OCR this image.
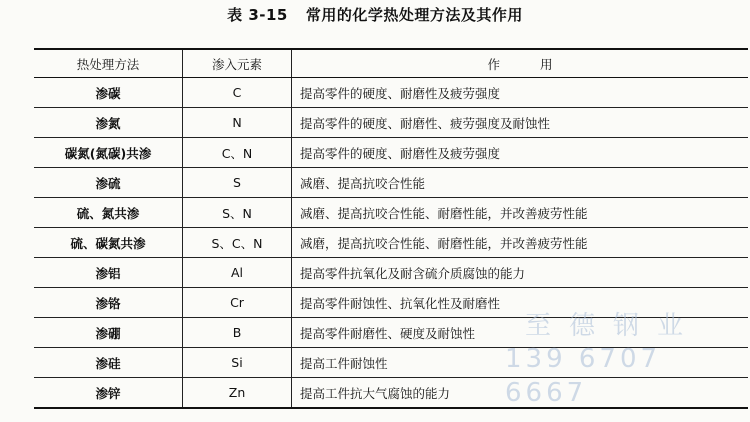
表 3-15 常用的化学热处理方法及其作用
热处理方法	渗入元素	作用
渗碳	C	提高零件的硬度、耐磨性及疲劳强度
渗氮	N	提高零件的硬度、耐磨性、疲劳强度及耐蚀性
碳氮(氮碳)共渗	C、N	提高零件的硬度、耐磨性及疲劳强度
渗硫	S	减磨、提高抗咬合性能
硫、氮共渗	S、N	减磨、提高抗咬合性能、耐磨性能，并改善疲劳性能
硫、碳氮共渗	S、C、N	减磨，提高抗咬合性能、耐磨性能，并改善疲劳性能
渗铝	Al	提高零件抗氧化及耐含硫介质腐蚀的能力
渗铬	Cr	提高零件耐蚀性、抗氧化性及耐磨性
渗硼	B	提高零件耐磨性、硬度及耐蚀性
渗硅	Si	提高工件耐蚀性
渗锌	Zn	提高工件抗大气腐蚀的能力
至德钢业
139 6707 6667
